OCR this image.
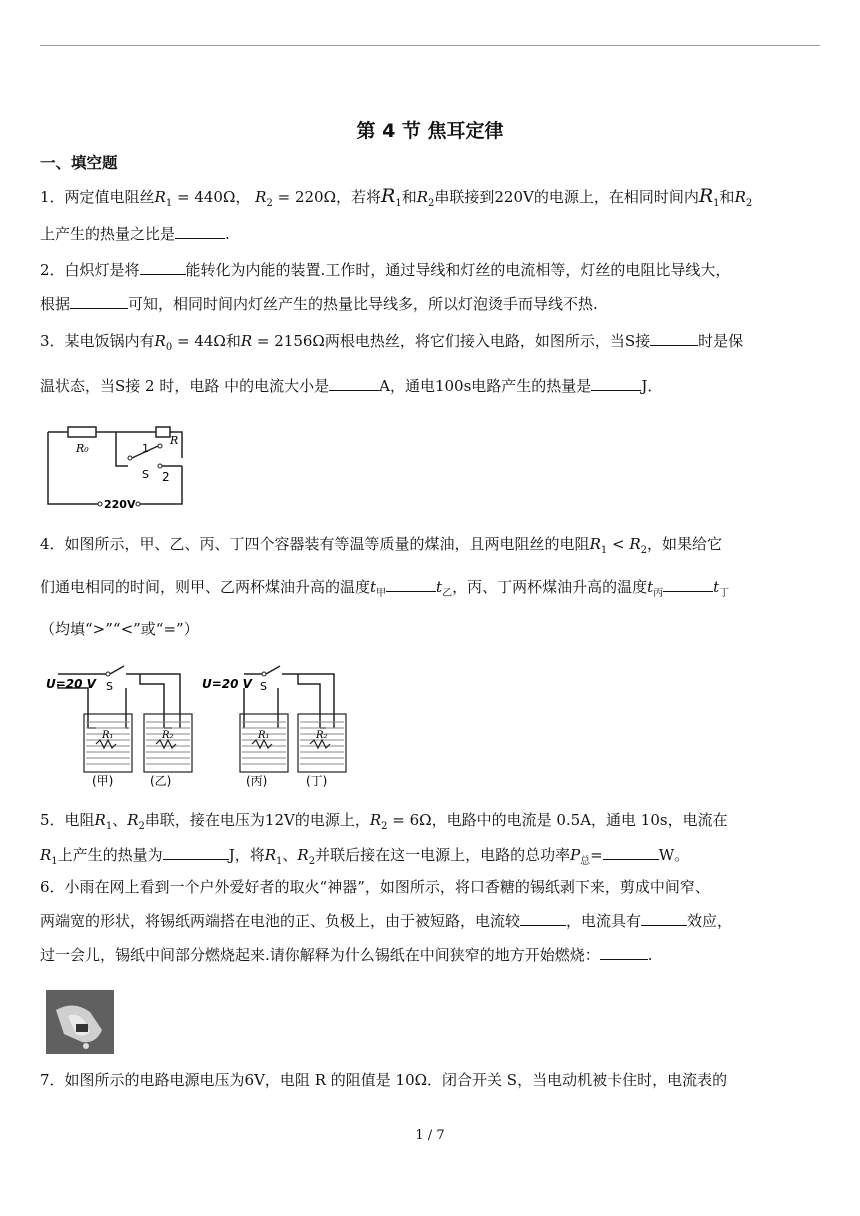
第 4 节 焦耳定律
一、填空题
1．两定值电阻丝$R_1 = 440\Omega$， $R_2 = 220\Omega$，若将$R_1$和$R_2$串联接到220V的电源上，在相同时间内$R_1$和$R_2$
上产生的热量之比是	.
2．白炽灯是将	能转化为内能的装置.工作时，通过导线和灯丝的电流相等，灯丝的电阻比导线大，
根据	可知，相同时间内灯丝产生的热量比导线多，所以灯泡烫手而导线不热.
3．某电饭锅内有$R_0 = 44\Omega$和R = 2156Ω两根电热丝，将它们接入电路，如图所示，当S接	时是保
温状态，当S接 2 时，电路 中的电流大小是	A，通电100s电路产生的热量是	J．
R₀
R
1
S 2
220V
4．如图所示，甲、乙、丙、丁四个容器装有等温等质量的煤油，且两电阻丝的电阻$R_1 < R_2$，如果给它
们通电相同的时间，则甲、乙两杯煤油升高的温度$t_甲$	$t_乙$，丙、丁两杯煤油升高的温度$t_丙$	$t_丁$
（均填“>”“<”或“=”）
U=20 V	U=20 V
S	S
R₁	R₂	R₁	R₂
(甲)	(乙)	(丙)	(丁)
5．电阻$R_1$、$R_2$串联，接在电压为12V的电源上，$R_2 = 6\Omega$，电路中的电流是 0.5A，通电 10s，电流在
$R_1$上产生的热量为	J，将$R_1$、$R_2$并联后接在这一电源上，电路的总功率$P_总=$	W。
6．小雨在网上看到一个户外爱好者的取火“神器”，如图所示，将口香糖的锡纸剥下来，剪成中间窄、
两端宽的形状，将锡纸两端搭在电池的正、负极上，由于被短路，电流较	，电流具有	效应，
过一会儿，锡纸中间部分燃烧起来.请你解释为什么锡纸在中间狭窄的地方开始燃烧：	.
7．如图所示的电路电源电压为6V，电阻 R 的阻值是 10Ω．闭合开关 S，当电动机被卡住时，电流表的
1 / 7
